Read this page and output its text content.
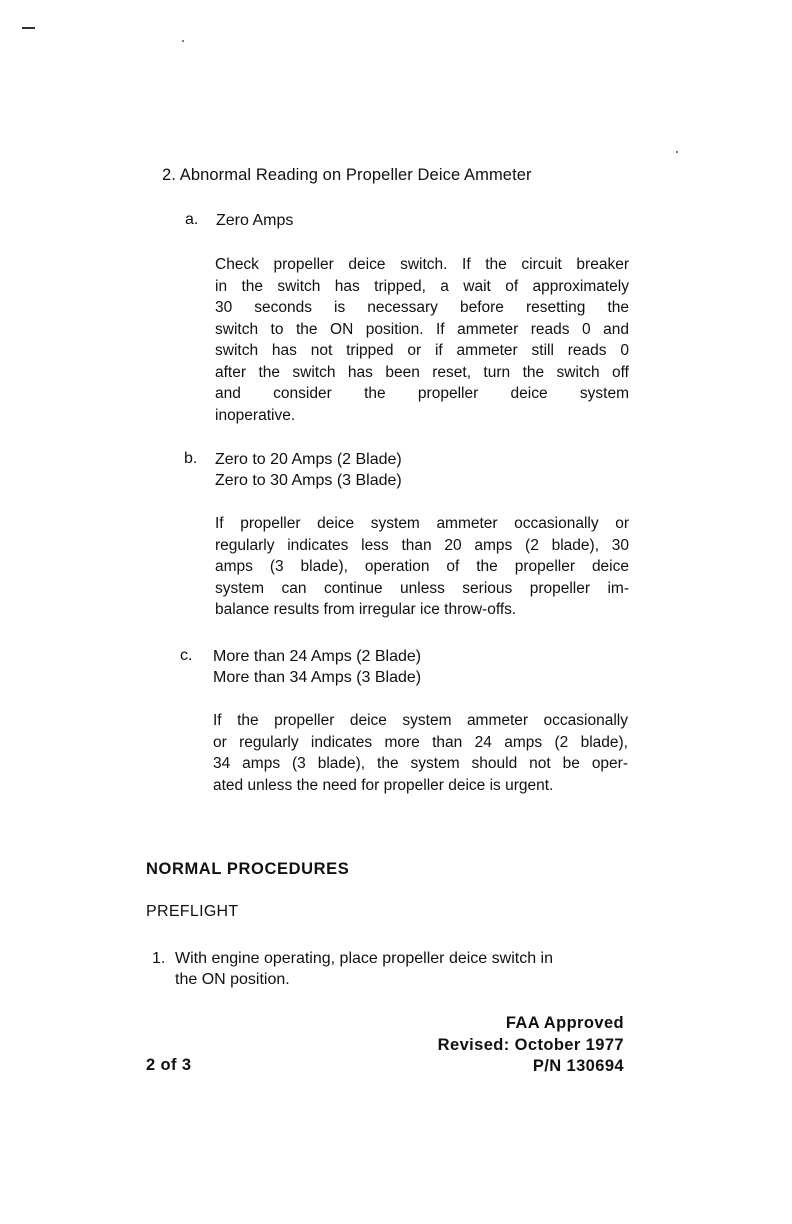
2. Abnormal Reading on Propeller Deice Ammeter
a. Zero Amps
Check propeller deice switch. If the circuit breaker
in the switch has tripped, a wait of approximately
30 seconds is necessary before resetting the
switch to the ON position. If ammeter reads 0 and
switch has not tripped or if ammeter still reads 0
after the switch has been reset, turn the switch off
and consider the propeller deice system
inoperative.
b. Zero to 20 Amps (2 Blade)
Zero to 30 Amps (3 Blade)
If propeller deice system ammeter occasionally or
regularly indicates less than 20 amps (2 blade), 30
amps (3 blade), operation of the propeller deice
system can continue unless serious propeller im-
balance results from irregular ice throw-offs.
c. More than 24 Amps (2 Blade)
More than 34 Amps (3 Blade)
If the propeller deice system ammeter occasionally
or regularly indicates more than 24 amps (2 blade),
34 amps (3 blade), the system should not be oper-
ated unless the need for propeller deice is urgent.
NORMAL PROCEDURES
PREFLIGHT
1. With engine operating, place propeller deice switch in
the ON position.
FAA Approved
Revised: October 1977
P/N 130694
2 of 3
